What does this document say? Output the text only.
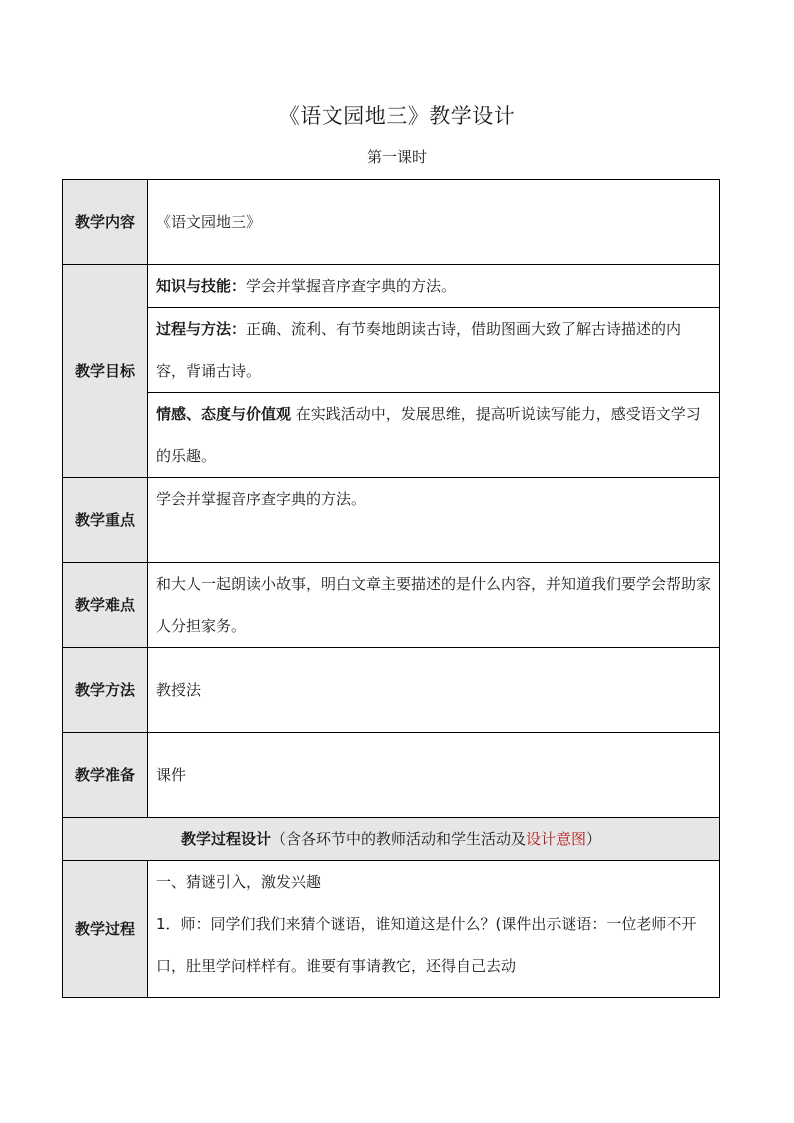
《语文园地三》教学设计
第一课时
教学内容	《语文园地三》
教学目标	知识与技能：学会并掌握音序查字典的方法。
	过程与方法：正确、流利、有节奏地朗读古诗，借助图画大致了解古诗描述的内容，背诵古诗。
	情感、态度与价值观 在实践活动中，发展思维，提高听说读写能力，感受语文学习的乐趣。
教学重点	学会并掌握音序查字典的方法。
教学难点	和大人一起朗读小故事，明白文章主要描述的是什么内容，并知道我们要学会帮助家人分担家务。
教学方法	教授法
教学准备	课件
教学过程设计（含各环节中的教师活动和学生活动及设计意图）	
教学过程	一、猜谜引入，激发兴趣
1．师：同学们我们来猜个谜语，谁知道这是什么？(课件出示谜语：一位老师不开口，肚里学问样样有。谁要有事请教它，还得自己去动
